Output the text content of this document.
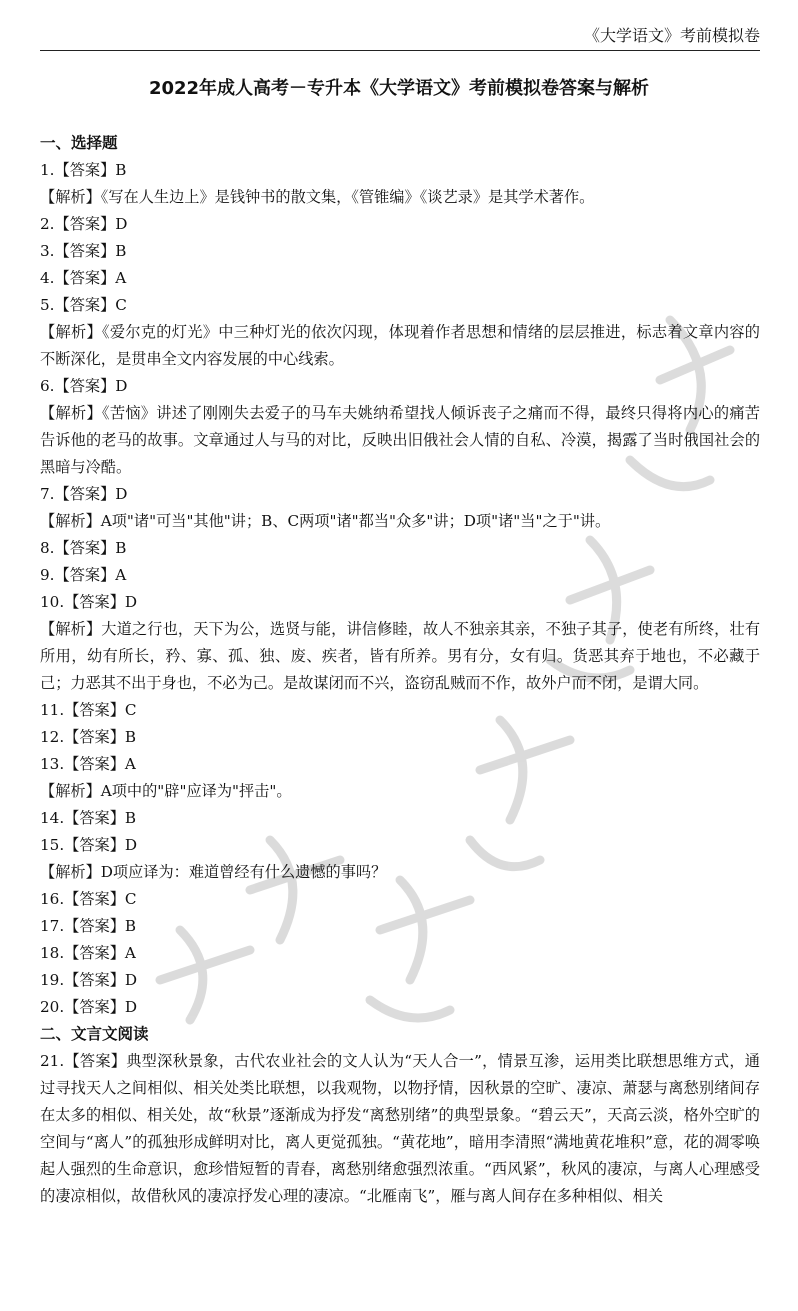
《大学语文》考前模拟卷
2022年成人高考－专升本《大学语文》考前模拟卷答案与解析
一、选择题
1.【答案】B
【解析】《写在人生边上》是钱钟书的散文集，《管锥编》《谈艺录》是其学术著作。
2.【答案】D
3.【答案】B
4.【答案】A
5.【答案】C
【解析】《爱尔克的灯光》中三种灯光的依次闪现，体现着作者思想和情绪的层层推进，标志着文章内容的不断深化，是贯串全文内容发展的中心线索。
6.【答案】D
【解析】《苦恼》讲述了刚刚失去爱子的马车夫姚纳希望找人倾诉丧子之痛而不得，最终只得将内心的痛苦告诉他的老马的故事。文章通过人与马的对比，反映出旧俄社会人情的自私、冷漠，揭露了当时俄国社会的黑暗与冷酷。
7.【答案】D
【解析】A项"诸"可当"其他"讲；B、C两项"诸"都当"众多"讲；D项"诸"当"之于"讲。
8.【答案】B
9.【答案】A
10.【答案】D
【解析】大道之行也，天下为公，选贤与能，讲信修睦，故人不独亲其亲，不独子其子，使老有所终，壮有所用，幼有所长，矜、寡、孤、独、废、疾者，皆有所养。男有分，女有归。货恶其弃于地也，不必藏于己；力恶其不出于身也，不必为己。是故谋闭而不兴，盗窃乱贼而不作，故外户而不闭，是谓大同。
11.【答案】C
12.【答案】B
13.【答案】A
【解析】A项中的"辟"应译为"抨击"。
14.【答案】B
15.【答案】D
【解析】D项应译为：难道曾经有什么遗憾的事吗？
16.【答案】C
17.【答案】B
18.【答案】A
19.【答案】D
20.【答案】D
二、文言文阅读
21.【答案】典型深秋景象，古代农业社会的文人认为“天人合一”，情景互渗，运用类比联想思维方式，通过寻找天人之间相似、相关处类比联想，以我观物，以物抒情，因秋景的空旷、凄凉、萧瑟与离愁别绪间存在太多的相似、相关处，故“秋景”逐渐成为抒发“离愁别绪”的典型景象。“碧云天”，天高云淡，格外空旷的空间与“离人”的孤独形成鲜明对比，离人更觉孤独。“黄花地”，暗用李清照“满地黄花堆积”意，花的凋零唤起人强烈的生命意识，愈珍惜短暂的青春，离愁别绪愈强烈浓重。“西风紧”，秋风的凄凉，与离人心理感受的凄凉相似，故借秋风的凄凉抒发心理的凄凉。“北雁南飞”，雁与离人间存在多种相似、相关
